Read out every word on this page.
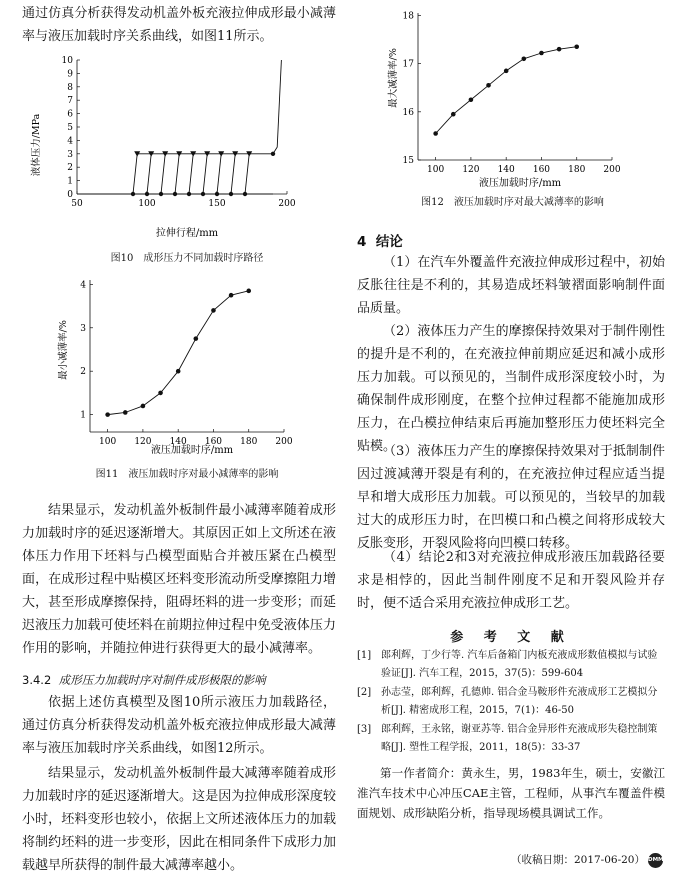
通过仿真分析获得发动机盖外板充液拉伸成形最小减薄率与液压加载时序关系曲线，如图11所示。
50	100	150	200
0
1
2
3
4
5
6
7
8
9
10
拉伸行程/mm
液体压力/MPa
图10　成形压力不同加载时序路径
100 120 140 160 180 200
1
2
3
4
液压加载时序/mm
最小减薄率/%
图11　液压加载时序对最小减薄率的影响
结果显示，发动机盖外板制件最小减薄率随着成形力加载时序的延迟逐渐增大。其原因正如上文所述在液体压力作用下坯料与凸模型面贴合并被压紧在凸模型面，在成形过程中贴模区坯料变形流动所受摩擦阻力增大，甚至形成摩擦保持，阻碍坯料的进一步变形；而延迟液压力加载可使坯料在前期拉伸过程中免受液体压力作用的影响，并随拉伸进行获得更大的最小减薄率。
3.4.2 成形压力加载时序对制件成形极限的影响
依据上述仿真模型及图10所示液压力加载路径，通过仿真分析获得发动机盖外板充液拉伸成形最大减薄率与液压加载时序关系曲线，如图12所示。
结果显示，发动机盖外板制件最大减薄率随着成形力加载时序的延迟逐渐增大。这是因为拉伸成形深度较小时，坯料变形也较小，依据上文所述液体压力的加载将制约坯料的进一步变形，因此在相同条件下成形力加载越早所获得的制件最大减薄率越小。
100 120 140 160 180 200
15
16
17
18
液压加载时序/mm
最大减薄率/%
图12　液压加载时序对最大减薄率的影响
4 结论
（1）在汽车外覆盖件充液拉伸成形过程中，初始反胀往往是不利的，其易造成坯料皱褶面影响制件面品质量。
（2）液体压力产生的摩擦保持效果对于制件刚性的提升是不利的，在充液拉伸前期应延迟和减小成形压力加载。可以预见的，当制件成形深度较小时，为确保制件成形刚度，在整个拉伸过程都不能施加成形压力，在凸模拉伸结束后再施加整形压力使坯料完全贴模。
（3）液体压力产生的摩擦保持效果对于抵制制件因过渡减薄开裂是有利的，在充液拉伸过程应适当提早和增大成形压力加载。可以预见的，当较早的加载过大的成形压力时，在凹模口和凸模之间将形成较大反胀变形，开裂风险将向凹模口转移。
（4）结论2和3对充液拉伸成形液压加载路径要求是相悖的，因此当制件刚度不足和开裂风险并存时，便不适合采用充液拉伸成形工艺。
参 考 文 献
[1] 郎利辉，丁少行等. 汽车后备箱门内板充液成形数值模拟与试验验证[J]. 汽车工程，2015，37(5)：599-604
[2] 孙志莹，郎利辉，孔德帅. 铝合金马鞍形件充液成形工艺模拟分析[J]. 精密成形工程，2015，7(1)：46-50
[3] 郎利辉，王永铭，谢亚苏等. 铝合金异形件充液成形失稳控制策略[J]. 塑性工程学报，2011，18(5)：33-37
第一作者简介：黄永生，男，1983年生，硕士，安徽江淮汽车技术中心冲压CAE主管，工程师，从事汽车覆盖件模面规划、成形缺陷分析，指导现场模具调试工作。
（收稿日期：2017-06-20） DMM
